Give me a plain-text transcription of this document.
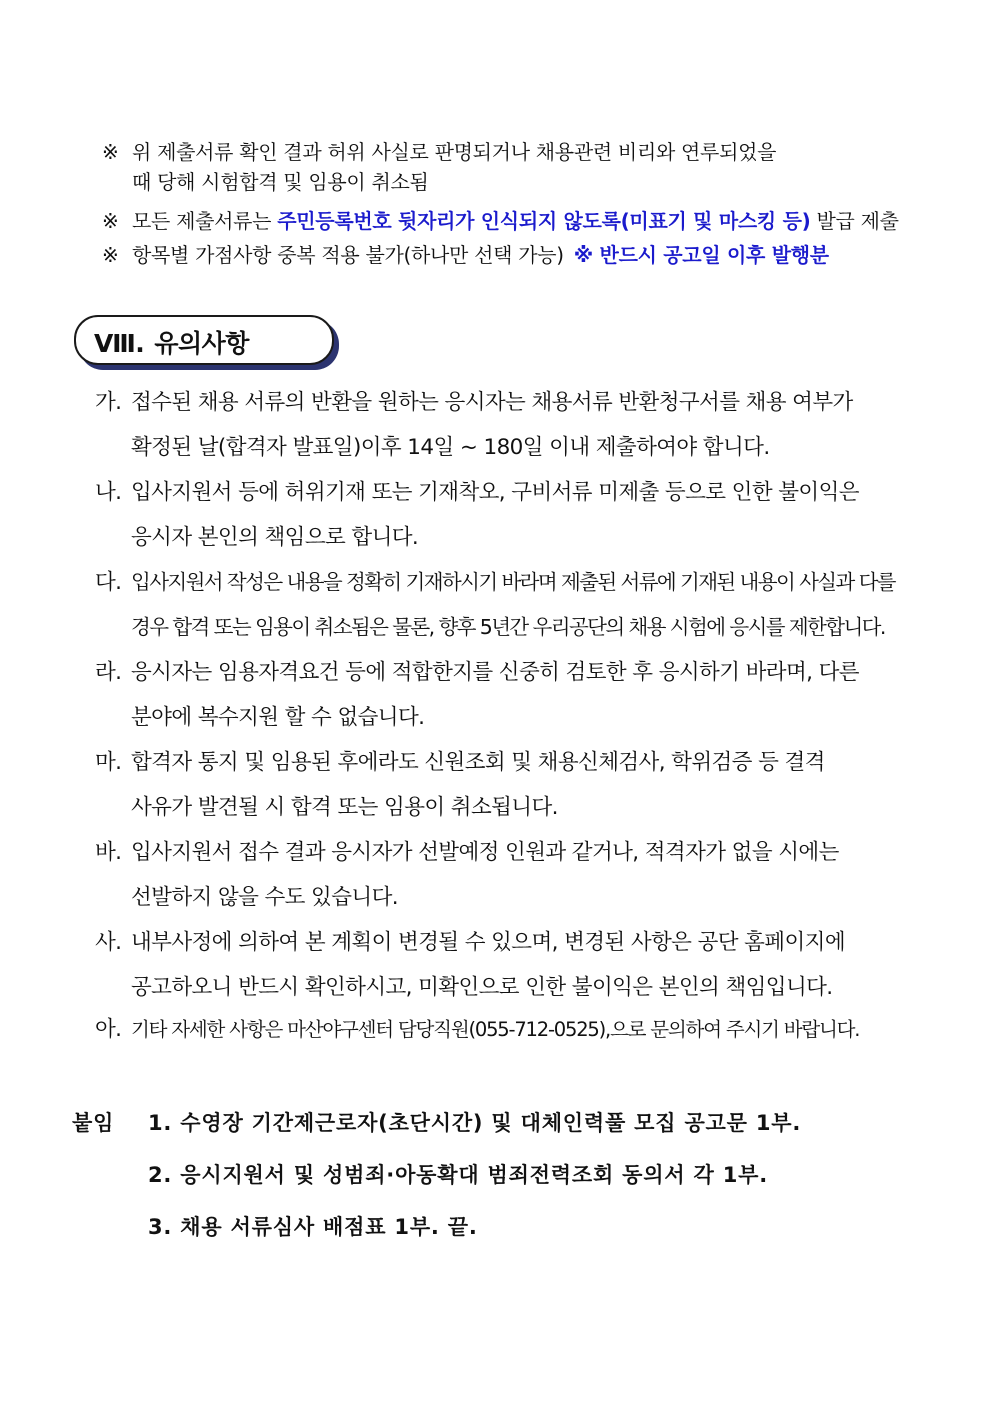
※ 위 제출서류 확인 결과 허위 사실로 판명되거나 채용관련 비리와 연루되었을
때 당해 시험합격 및 임용이 취소됨
※ 모든 제출서류는 주민등록번호 뒷자리가 인식되지 않도록(미표기 및 마스킹 등) 발급 제출
※ 항목별 가점사항 중복 적용 불가(하나만 선택 가능) ※ 반드시 공고일 이후 발행분
Ⅷ. 유의사항
가. 접수된 채용 서류의 반환을 원하는 응시자는 채용서류 반환청구서를 채용 여부가
확정된 날(합격자 발표일)이후 14일 ~ 180일 이내 제출하여야 합니다.
나. 입사지원서 등에 허위기재 또는 기재착오, 구비서류 미제출 등으로 인한 불이익은
응시자 본인의 책임으로 합니다.
다. 입사지원서 작성은 내용을 정확히 기재하시기 바라며 제출된 서류에 기재된 내용이 사실과 다를
경우 합격 또는 임용이 취소됨은 물론, 향후 5년간 우리공단의 채용 시험에 응시를 제한합니다.
라. 응시자는 임용자격요건 등에 적합한지를 신중히 검토한 후 응시하기 바라며, 다른
분야에 복수지원 할 수 없습니다.
마. 합격자 통지 및 임용된 후에라도 신원조회 및 채용신체검사, 학위검증 등 결격
사유가 발견될 시 합격 또는 임용이 취소됩니다.
바. 입사지원서 접수 결과 응시자가 선발예정 인원과 같거나, 적격자가 없을 시에는
선발하지 않을 수도 있습니다.
사. 내부사정에 의하여 본 계획이 변경될 수 있으며, 변경된 사항은 공단 홈페이지에
공고하오니 반드시 확인하시고, 미확인으로 인한 불이익은 본인의 책임입니다.
아. 기타 자세한 사항은 마산야구센터 담당직원(055-712-0525),으로 문의하여 주시기 바랍니다.
붙임 1. 수영장 기간제근로자(초단시간) 및 대체인력풀 모집 공고문 1부.
2. 응시지원서 및 성범죄·아동확대 범죄전력조회 동의서 각 1부.
3. 채용 서류심사 배점표 1부. 끝.
